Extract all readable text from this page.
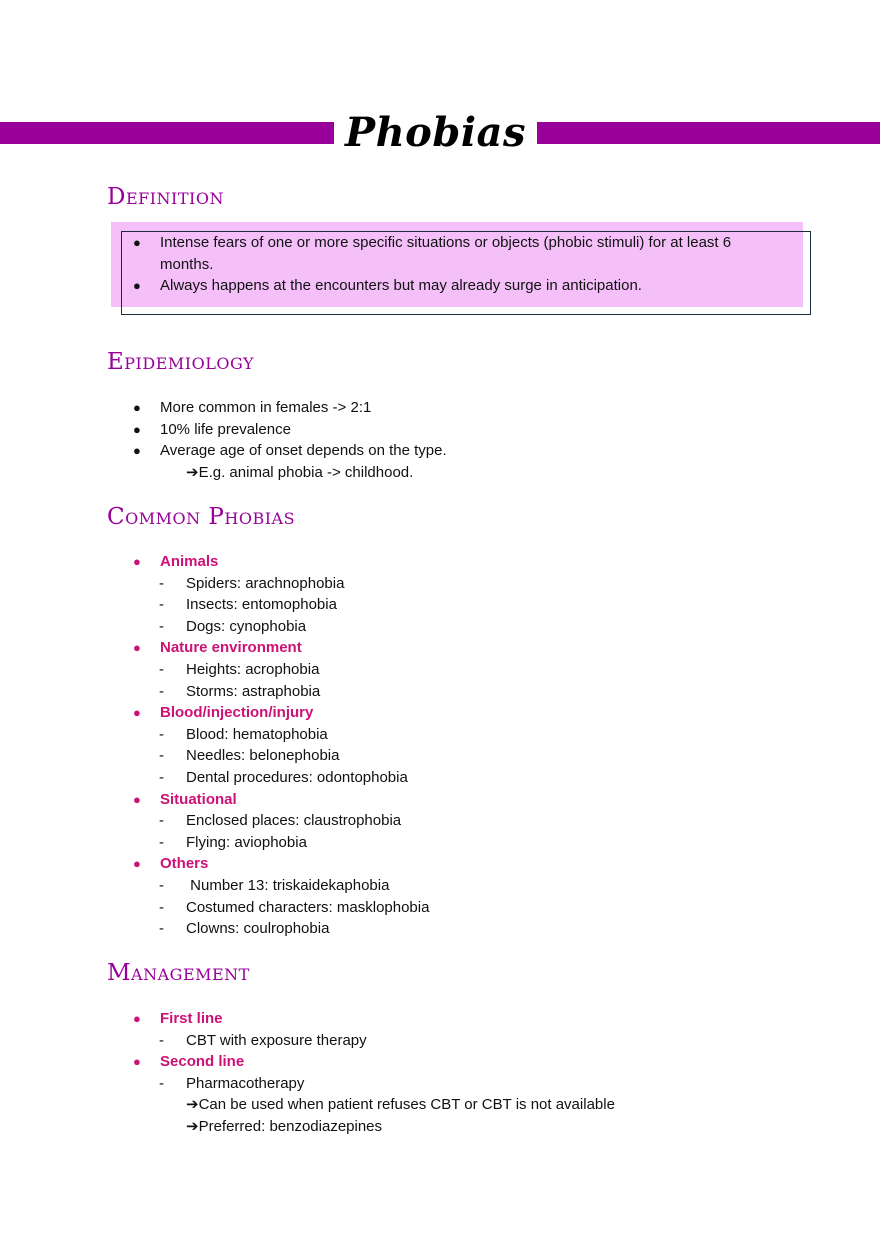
Phobias
Definition
● Intense fears of one or more specific situations or objects (phobic stimuli) for at least 6
months.
● Always happens at the encounters but may already surge in anticipation.
Epidemiology
● More common in females -> 2:1
● 10% life prevalence
● Average age of onset depends on the type.
➔E.g. animal phobia -> childhood.
Common Phobias
● Animals
- Spiders: arachnophobia
- Insects: entomophobia
- Dogs: cynophobia
● Nature environment
- Heights: acrophobia
- Storms: astraphobia
● Blood/injection/injury
- Blood: hematophobia
- Needles: belonephobia
- Dental procedures: odontophobia
● Situational
- Enclosed places: claustrophobia
- Flying: aviophobia
● Others
- Number 13: triskaidekaphobia
- Costumed characters: masklophobia
- Clowns: coulrophobia
Management
● First line
- CBT with exposure therapy
● Second line
- Pharmacotherapy
➔Can be used when patient refuses CBT or CBT is not available
➔Preferred: benzodiazepines
